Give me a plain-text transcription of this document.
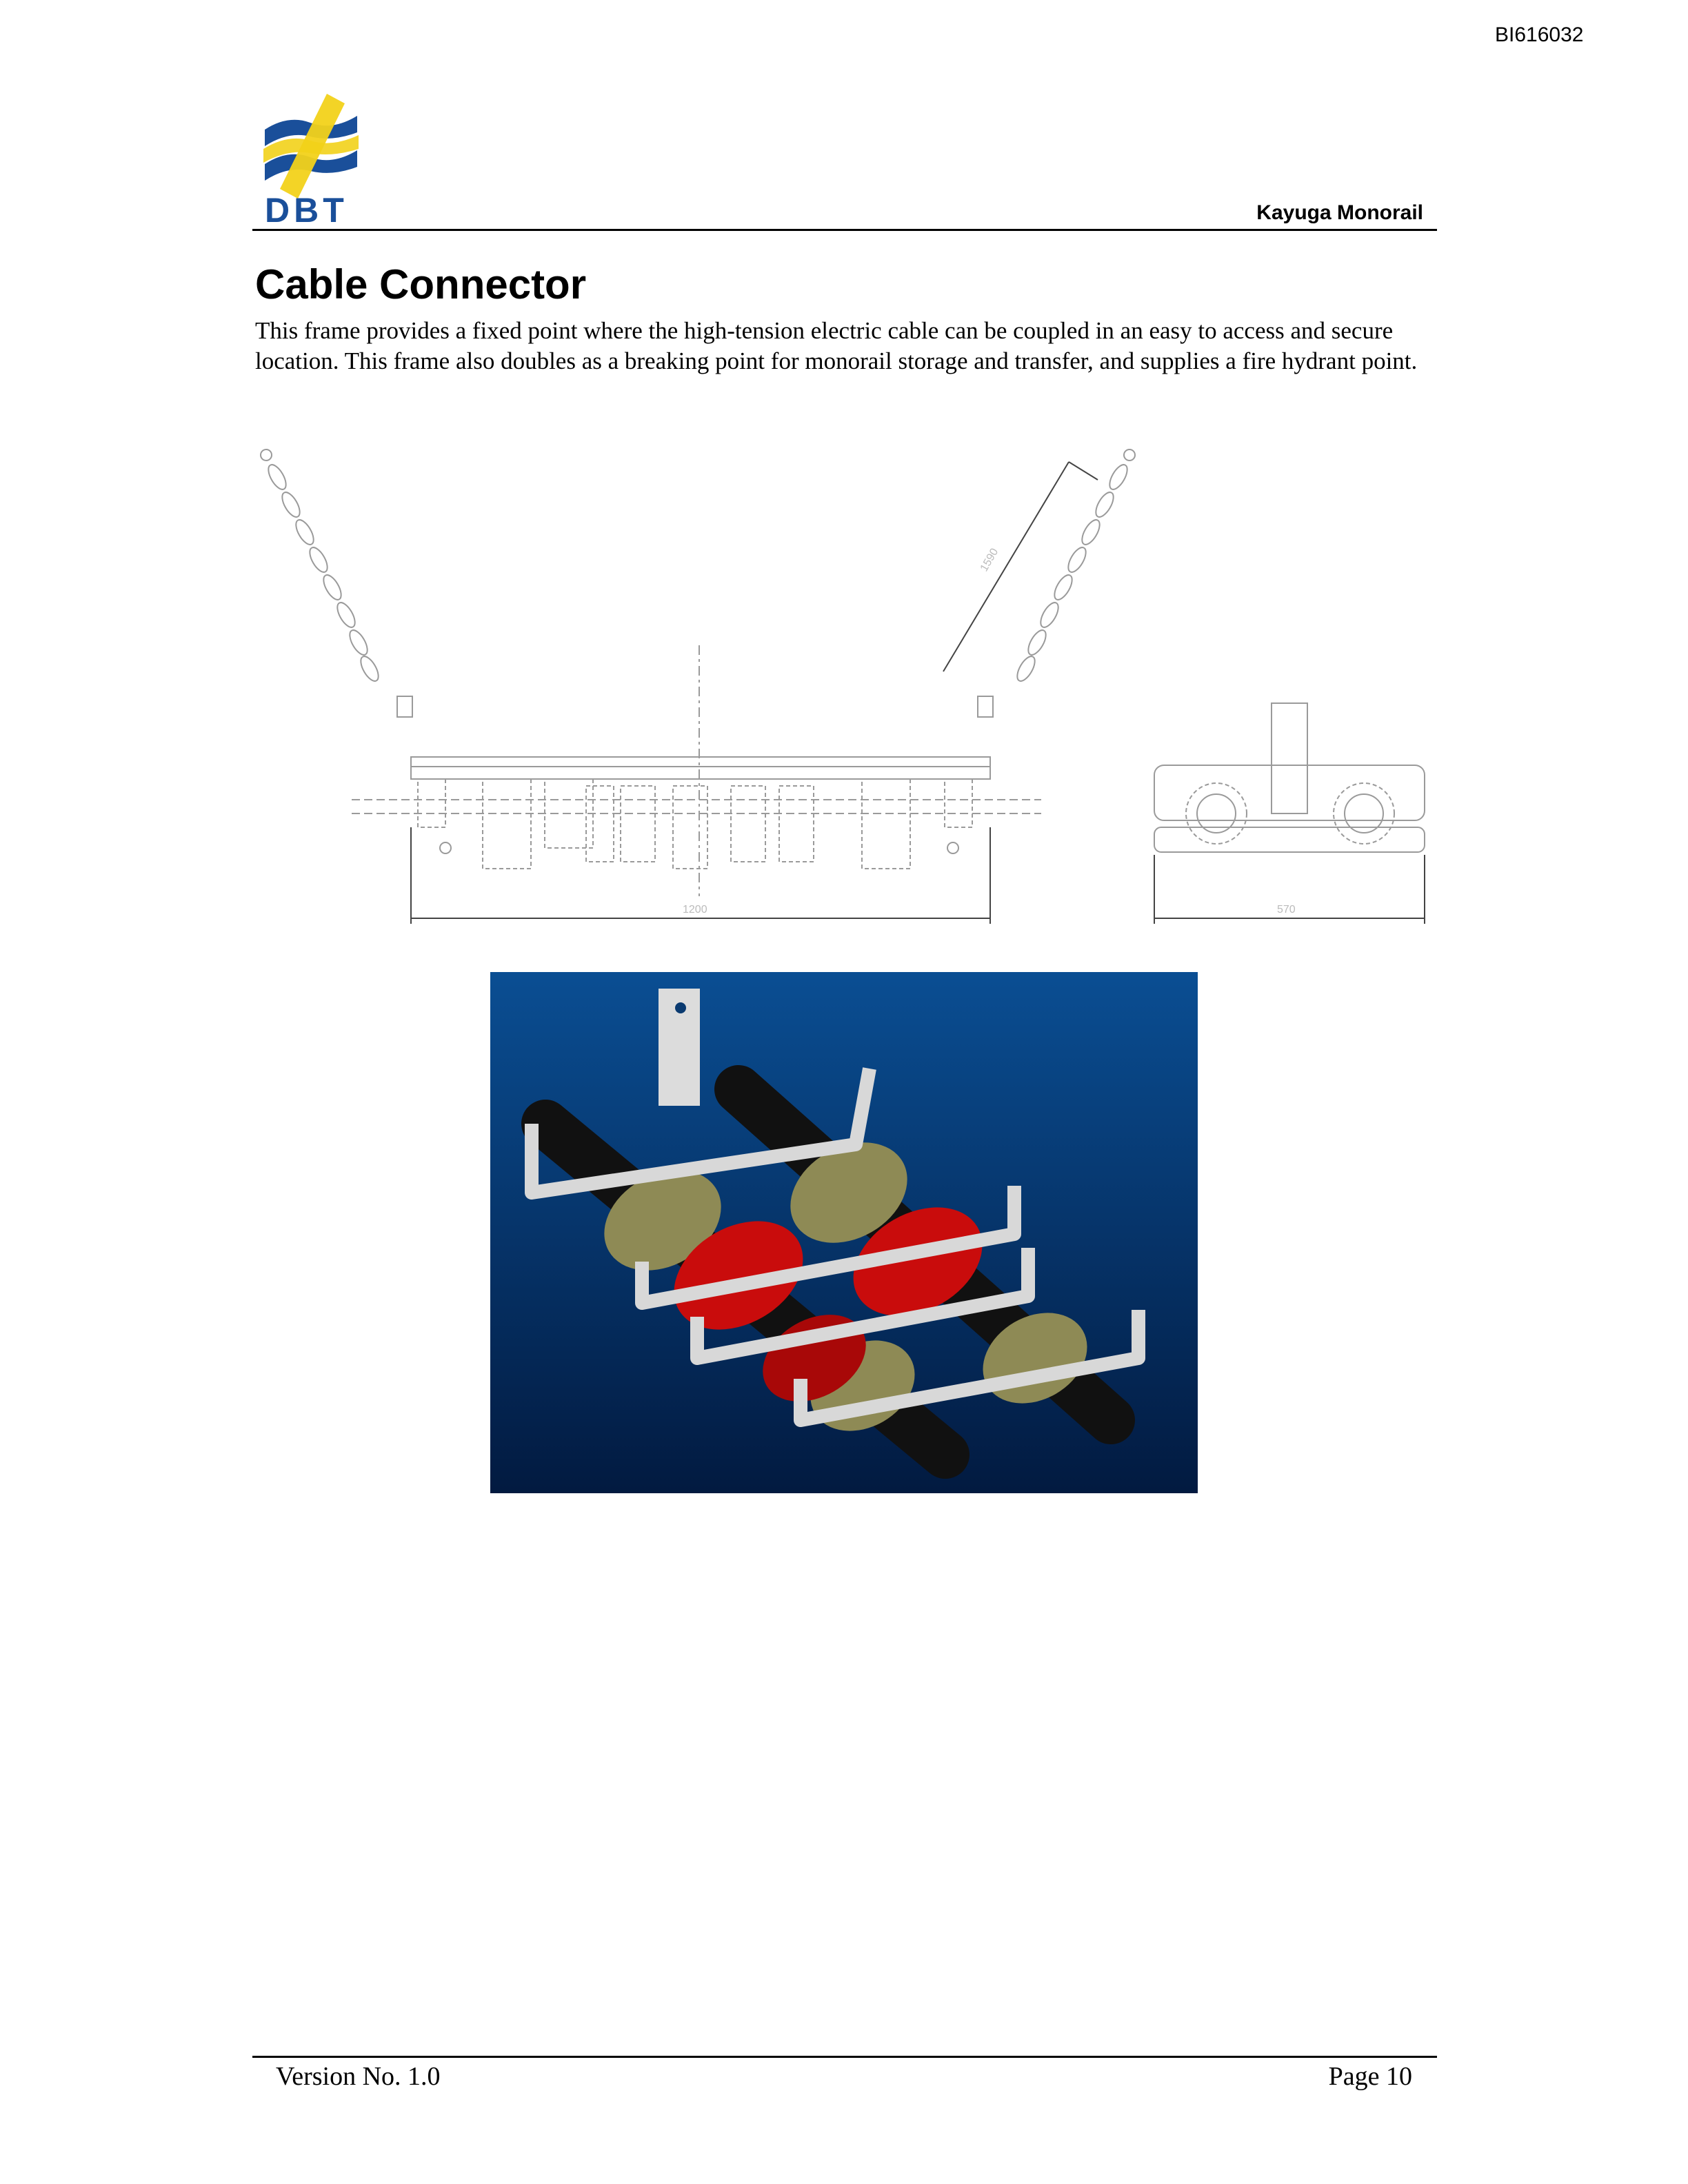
BI616032
DBT	Kayuga Monorail
Cable Connector

This frame provides a fixed point where the high-tension electric cable can be coupled in an easy to access and secure location. This frame also doubles as a breaking point for monorail storage and transfer, and supplies a fire hydrant point.

1590
1200	570
Version No. 1.0	Page 10
